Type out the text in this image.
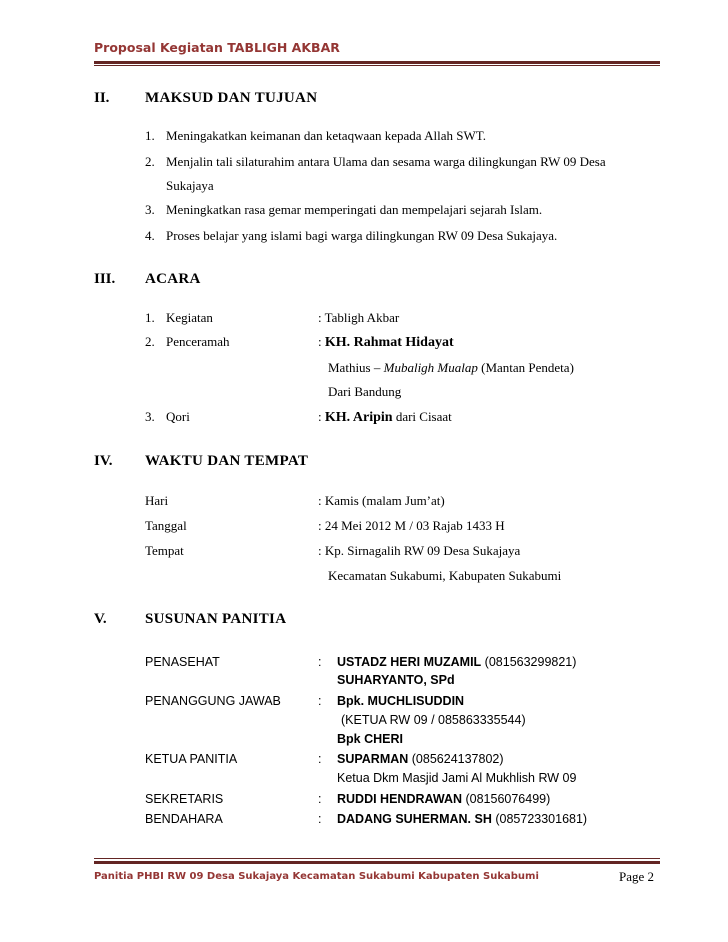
Proposal Kegiatan TABLIGH AKBAR
II. MAKSUD DAN TUJUAN
1. Meningakatkan keimanan dan ketaqwaan kepada Allah SWT.
2. Menjalin tali silaturahim antara Ulama dan sesama warga dilingkungan RW 09 Desa
Sukajaya
3. Meningkatkan rasa gemar memperingati dan mempelajari sejarah Islam.
4. Proses belajar yang islami bagi warga dilingkungan RW 09 Desa Sukajaya.
III. ACARA
1. Kegiatan	: Tabligh Akbar
2. Penceramah	: KH. Rahmat Hidayat
Mathius – Mubaligh Mualap (Mantan Pendeta)
Dari Bandung
3. Qori	: KH. Aripin dari Cisaat
IV. WAKTU DAN TEMPAT
Hari	: Kamis (malam Jum’at)
Tanggal	: 24 Mei 2012 M / 03 Rajab 1433 H
Tempat	: Kp. Sirnagalih RW 09 Desa Sukajaya
Kecamatan Sukabumi, Kabupaten Sukabumi
V.	SUSUNAN PANITIA
PENASEHAT	: USTADZ HERI MUZAMIL (081563299821)
SUHARYANTO, SPd
PENANGGUNG JAWAB	: Bpk. MUCHLISUDDIN
(KETUA RW 09 / 085863335544)
Bpk CHERI
KETUA PANITIA	: SUPARMAN (085624137802)
Ketua Dkm Masjid Jami Al Mukhlish RW 09
SEKRETARIS	: RUDDI HENDRAWAN (08156076499)
BENDAHARA	: DADANG SUHERMAN. SH (085723301681)
Panitia PHBI RW 09 Desa Sukajaya Kecamatan Sukabumi Kabupaten Sukabumi	Page 2
